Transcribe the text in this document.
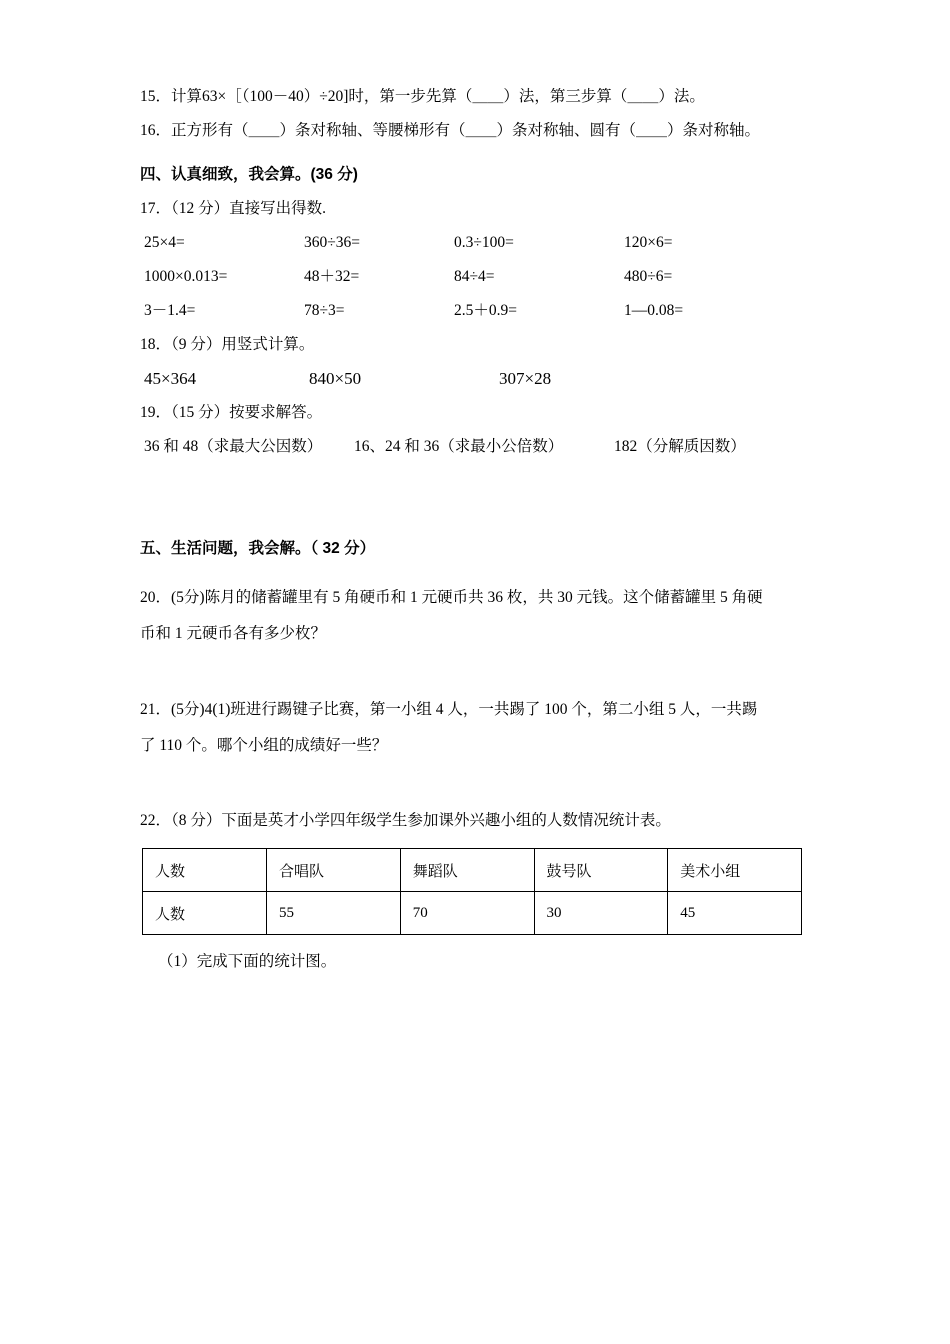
15．计算63×［（100－40）÷20]时，第一步先算（＿＿）法，第三步算（＿＿）法。
16．正方形有（＿＿）条对称轴、等腰梯形有（＿＿）条对称轴、圆有（＿＿）条对称轴。
四、认真细致，我会算。(36 分)
17．（12 分）直接写出得数.
25×4=	360÷36=	0.3÷100=	120×6=
1000×0.013=	48＋32=	84÷4=	480÷6=
3－1.4=	78÷3=	2.5＋0.9=	1—0.08=
18．（9 分）用竖式计算。
45×364	840×50	307×28
19．（15 分）按要求解答。
36 和 48（求最大公因数）	16、24 和 36（求最小公倍数）	182（分解质因数）
五、生活问题，我会解。（ 32 分）
20．(5分)陈月的储蓄罐里有 5 角硬币和 1 元硬币共 36 枚，共 30 元钱。这个储蓄罐里 5 角硬
币和 1 元硬币各有多少枚？
21．(5分)4(1)班进行踢键子比赛，第一小组 4 人，一共踢了 100 个，第二小组 5 人，一共踢
了 110 个。哪个小组的成绩好一些？
22．（8 分）下面是英才小学四年级学生参加课外兴趣小组的人数情况统计表。
人数	合唱队	舞蹈队	鼓号队	美术小组
人数	55	70	30	45
（1）完成下面的统计图。
